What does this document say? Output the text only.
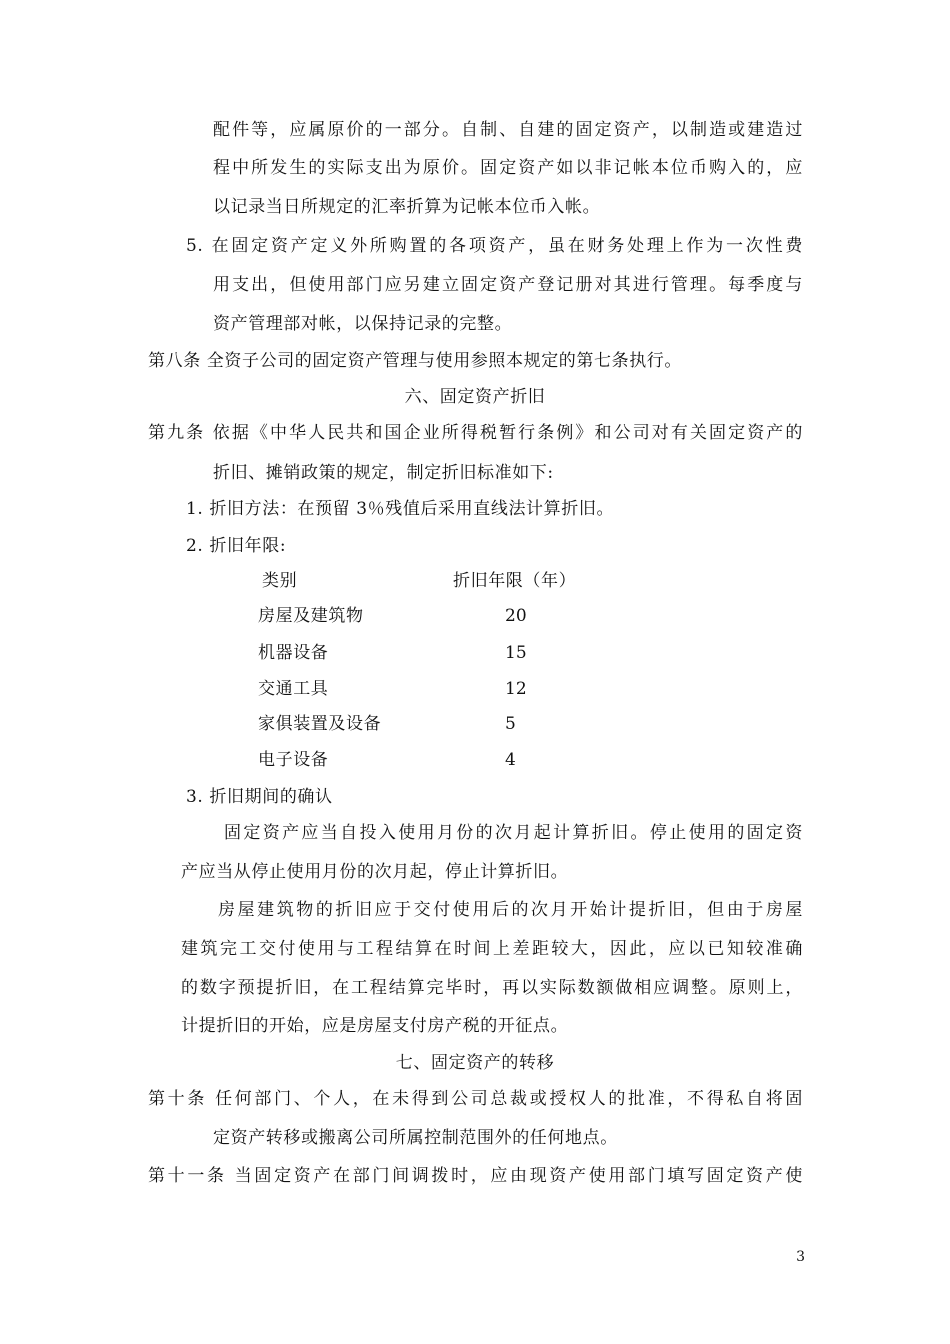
配件等，应属原价的一部分。自制、自建的固定资产，以制造或建造过
程中所发生的实际支出为原价。固定资产如以非记帐本位币购入的，应
以记录当日所规定的汇率折算为记帐本位币入帐。
5. 在固定资产定义外所购置的各项资产，虽在财务处理上作为一次性费
用支出，但使用部门应另建立固定资产登记册对其进行管理。每季度与
资产管理部对帐，以保持记录的完整。
第八条 全资子公司的固定资产管理与使用参照本规定的第七条执行。
六、固定资产折旧
第九条 依据《中华人民共和国企业所得税暂行条例》和公司对有关固定资产的
折旧、摊销政策的规定，制定折旧标准如下:
1. 折旧方法：在预留 3％残值后采用直线法计算折旧。
2. 折旧年限:
类别	折旧年限（年）
房屋及建筑物	20
机器设备	15
交通工具	12
家俱装置及设备	5
电子设备	4
3. 折旧期间的确认
固定资产应当自投入使用月份的次月起计算折旧。停止使用的固定资
产应当从停止使用月份的次月起，停止计算折旧。
房屋建筑物的折旧应于交付使用后的次月开始计提折旧，但由于房屋
建筑完工交付使用与工程结算在时间上差距较大，因此，应以已知较准确
的数字预提折旧，在工程结算完毕时，再以实际数额做相应调整。原则上，
计提折旧的开始，应是房屋支付房产税的开征点。
七、固定资产的转移
第十条 任何部门、个人，在未得到公司总裁或授权人的批准，不得私自将固
定资产转移或搬离公司所属控制范围外的任何地点。
第十一条 当固定资产在部门间调拨时，应由现资产使用部门填写固定资产使
3
